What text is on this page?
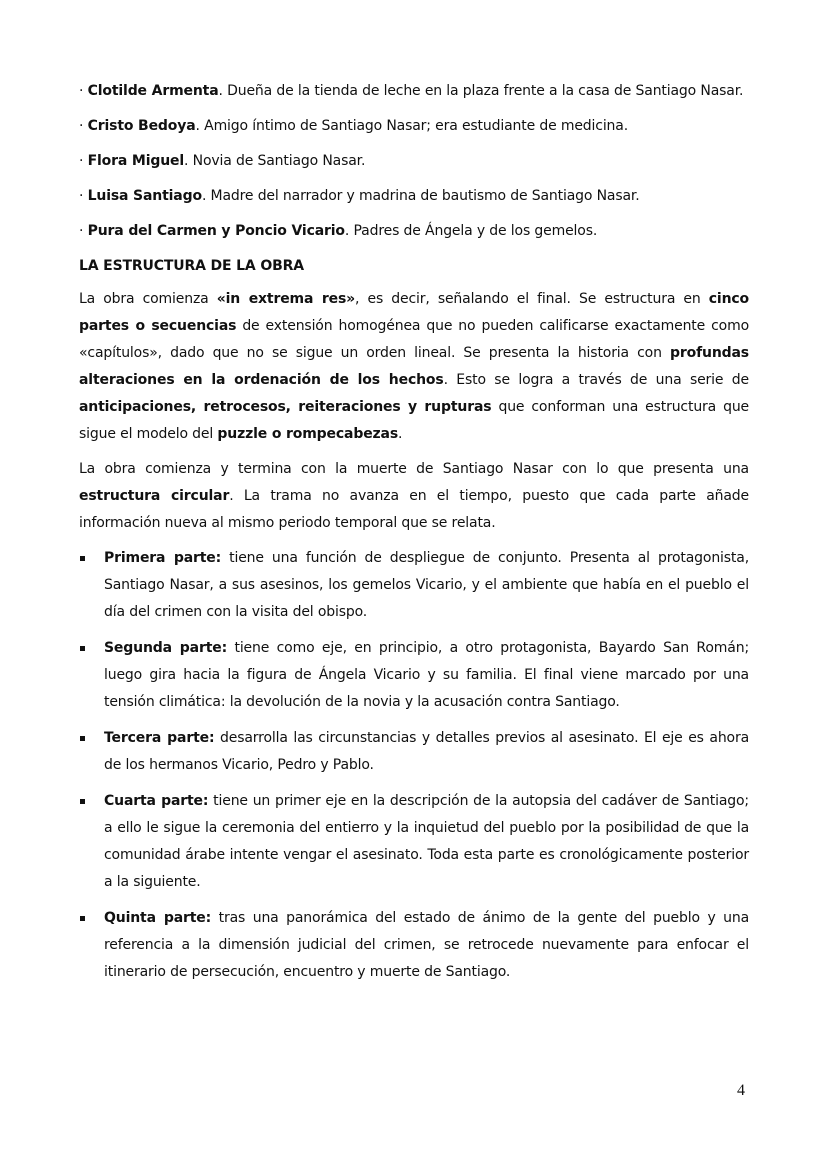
· Clotilde Armenta. Dueña de la tienda de leche en la plaza frente a la casa de Santiago Nasar.

· Cristo Bedoya. Amigo íntimo de Santiago Nasar; era estudiante de medicina.

· Flora Miguel. Novia de Santiago Nasar.

· Luisa Santiago. Madre del narrador y madrina de bautismo de Santiago Nasar.

· Pura del Carmen y Poncio Vicario. Padres de Ángela y de los gemelos.

LA ESTRUCTURA DE LA OBRA

La obra comienza «in extrema res», es decir, señalando el final. Se estructura en cinco partes o secuencias de extensión homogénea que no pueden calificarse exactamente como «capítulos», dado que no se sigue un orden lineal. Se presenta la historia con profundas alteraciones en la ordenación de los hechos. Esto se logra a través de una serie de anticipaciones, retrocesos, reiteraciones y rupturas que conforman una estructura que sigue el modelo del puzzle o rompecabezas.

La obra comienza y termina con la muerte de Santiago Nasar con lo que presenta una estructura circular. La trama no avanza en el tiempo, puesto que cada parte añade información nueva al mismo periodo temporal que se relata.

Primera parte: tiene una función de despliegue de conjunto. Presenta al protagonista, Santiago Nasar, a sus asesinos, los gemelos Vicario, y el ambiente que había en el pueblo el día del crimen con la visita del obispo.

Segunda parte: tiene como eje, en principio, a otro protagonista, Bayardo San Román; luego gira hacia la figura de Ángela Vicario y su familia. El final viene marcado por una tensión climática: la devolución de la novia y la acusación contra Santiago.

Tercera parte: desarrolla las circunstancias y detalles previos al asesinato. El eje es ahora de los hermanos Vicario, Pedro y Pablo.

Cuarta parte: tiene un primer eje en la descripción de la autopsia del cadáver de Santiago; a ello le sigue la ceremonia del entierro y la inquietud del pueblo por la posibilidad de que la comunidad árabe intente vengar el asesinato. Toda esta parte es cronológicamente posterior a la siguiente.

Quinta parte: tras una panorámica del estado de ánimo de la gente del pueblo y una referencia a la dimensión judicial del crimen, se retrocede nuevamente para enfocar el itinerario de persecución, encuentro y muerte de Santiago.

4
